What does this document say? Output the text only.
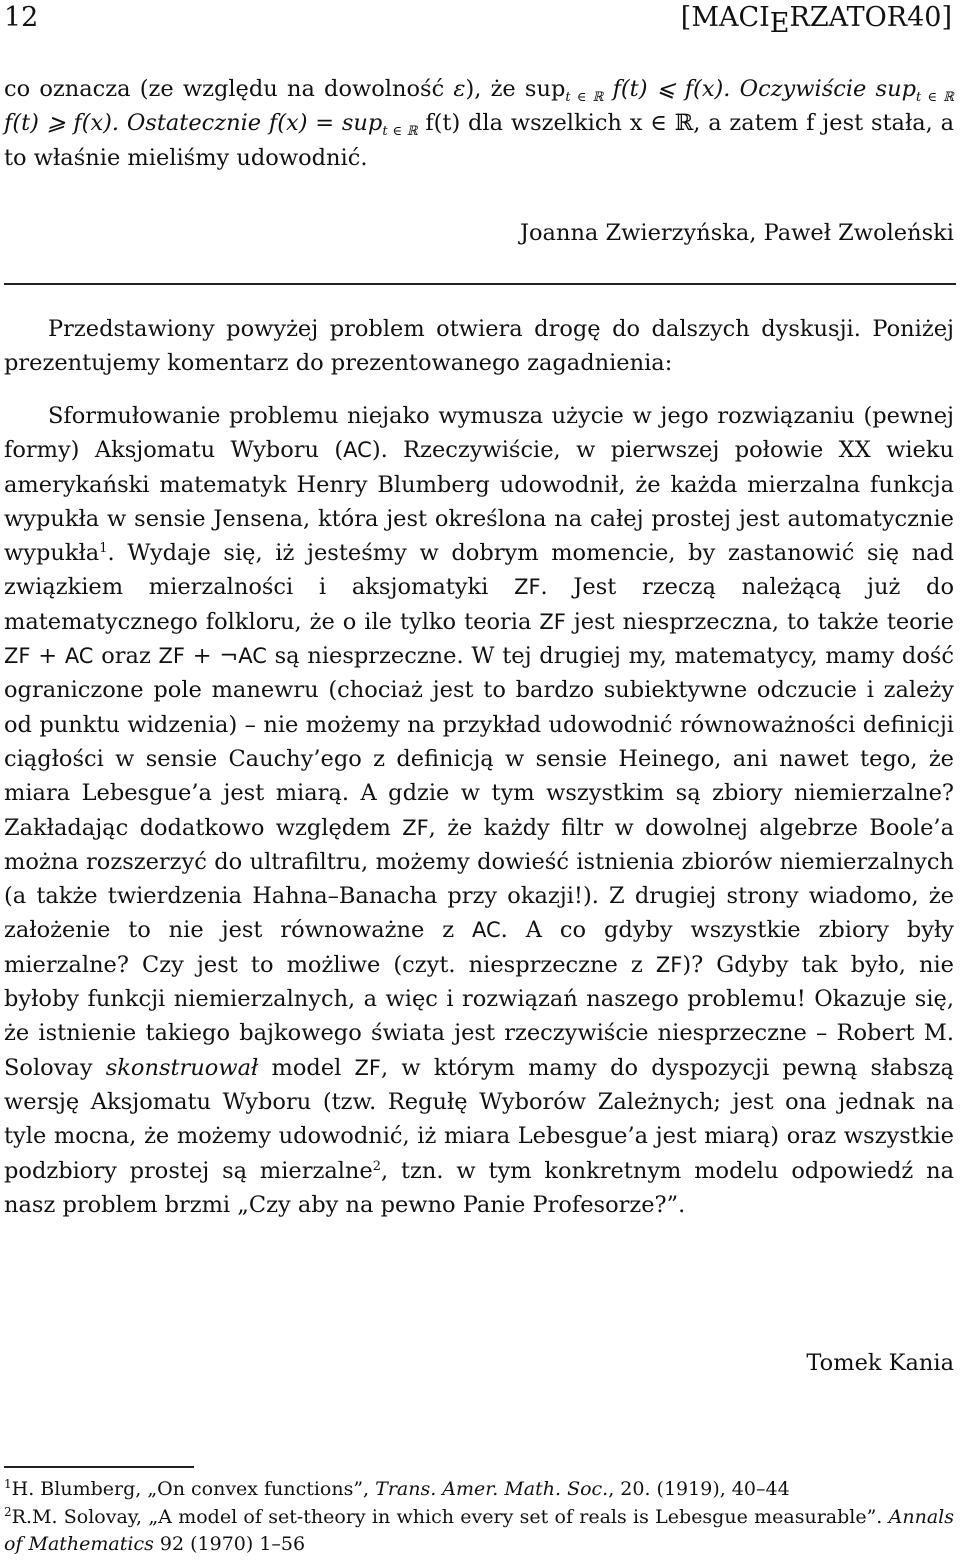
12	[MACIERZATOR40]

co oznacza (ze względu na dowolność ε), że sup$_{t \in ℝ}$ f(t) ⩽ f(x). Oczywiście sup$_{t \in ℝ}$ f(t) ⩾ f(x). Ostatecznie f(x) = sup$_{t \in ℝ}$ f(t) dla wszelkich x ∈ ℝ, a zatem f jest stała, a to właśnie mieliśmy udowodnić.

Joanna Zwierzyńska, Paweł Zwoleński

Przedstawiony powyżej problem otwiera drogę do dalszych dyskusji. Poniżej prezentujemy komentarz do prezentowanego zagadnienia:

Sformułowanie problemu niejako wymusza użycie w jego rozwiązaniu (pewnej formy) Aksjomatu Wyboru (AC). Rzeczywiście, w pierwszej połowie XX wieku amerykański matematyk Henry Blumberg udowodnił, że każda mierzalna funkcja wypukła w sensie Jensena, która jest określona na całej prostej jest automatycznie wypukła$^1$. Wydaje się, iż jesteśmy w dobrym momencie, by zastanowić się nad związkiem mierzalności i aksjomatyki ZF. Jest rzeczą należącą już do matematycznego folkloru, że o ile tylko teoria ZF jest niesprzeczna, to także teorie ZF + AC oraz ZF + ¬AC są niesprzeczne. W tej drugiej my, matematycy, mamy dość ograniczone pole manewru (chociaż jest to bardzo subiektywne odczucie i zależy od punktu widzenia) – nie możemy na przykład udowodnić równoważności definicji ciągłości w sensie Cauchy’ego z definicją w sensie Heinego, ani nawet tego, że miara Lebesgue’a jest miarą. A gdzie w tym wszystkim są zbiory niemierzalne? Zakładając dodatkowo względem ZF, że każdy filtr w dowolnej algebrze Boole’a można rozszerzyć do ultrafiltru, możemy dowieść istnienia zbiorów niemierzalnych (a także twierdzenia Hahna–Banacha przy okazji!). Z drugiej strony wiadomo, że założenie to nie jest równoważne z AC. A co gdyby wszystkie zbiory były mierzalne? Czy jest to możliwe (czyt. niesprzeczne z ZF)? Gdyby tak było, nie byłoby funkcji niemierzalnych, a więc i rozwiązań naszego problemu! Okazuje się, że istnienie takiego bajkowego świata jest rzeczywiście niesprzeczne – Robert M. Solovay skonstruował model ZF, w którym mamy do dyspozycji pewną słabszą wersję Aksjomatu Wyboru (tzw. Regułę Wyborów Zależnych; jest ona jednak na tyle mocna, że możemy udowodnić, iż miara Lebesgue’a jest miarą) oraz wszystkie podzbiory prostej są mierzalne$^2$, tzn. w tym konkretnym modelu odpowiedź na nasz problem brzmi „Czy aby na pewno Panie Profesorze?”.

Tomek Kania
$^1$H. Blumberg, „On convex functions”, Trans. Amer. Math. Soc., 20. (1919), 40–44
$^2$R.M. Solovay, „A model of set-theory in which every set of reals is Lebesgue measurable”. Annals of Mathematics 92 (1970) 1–56
